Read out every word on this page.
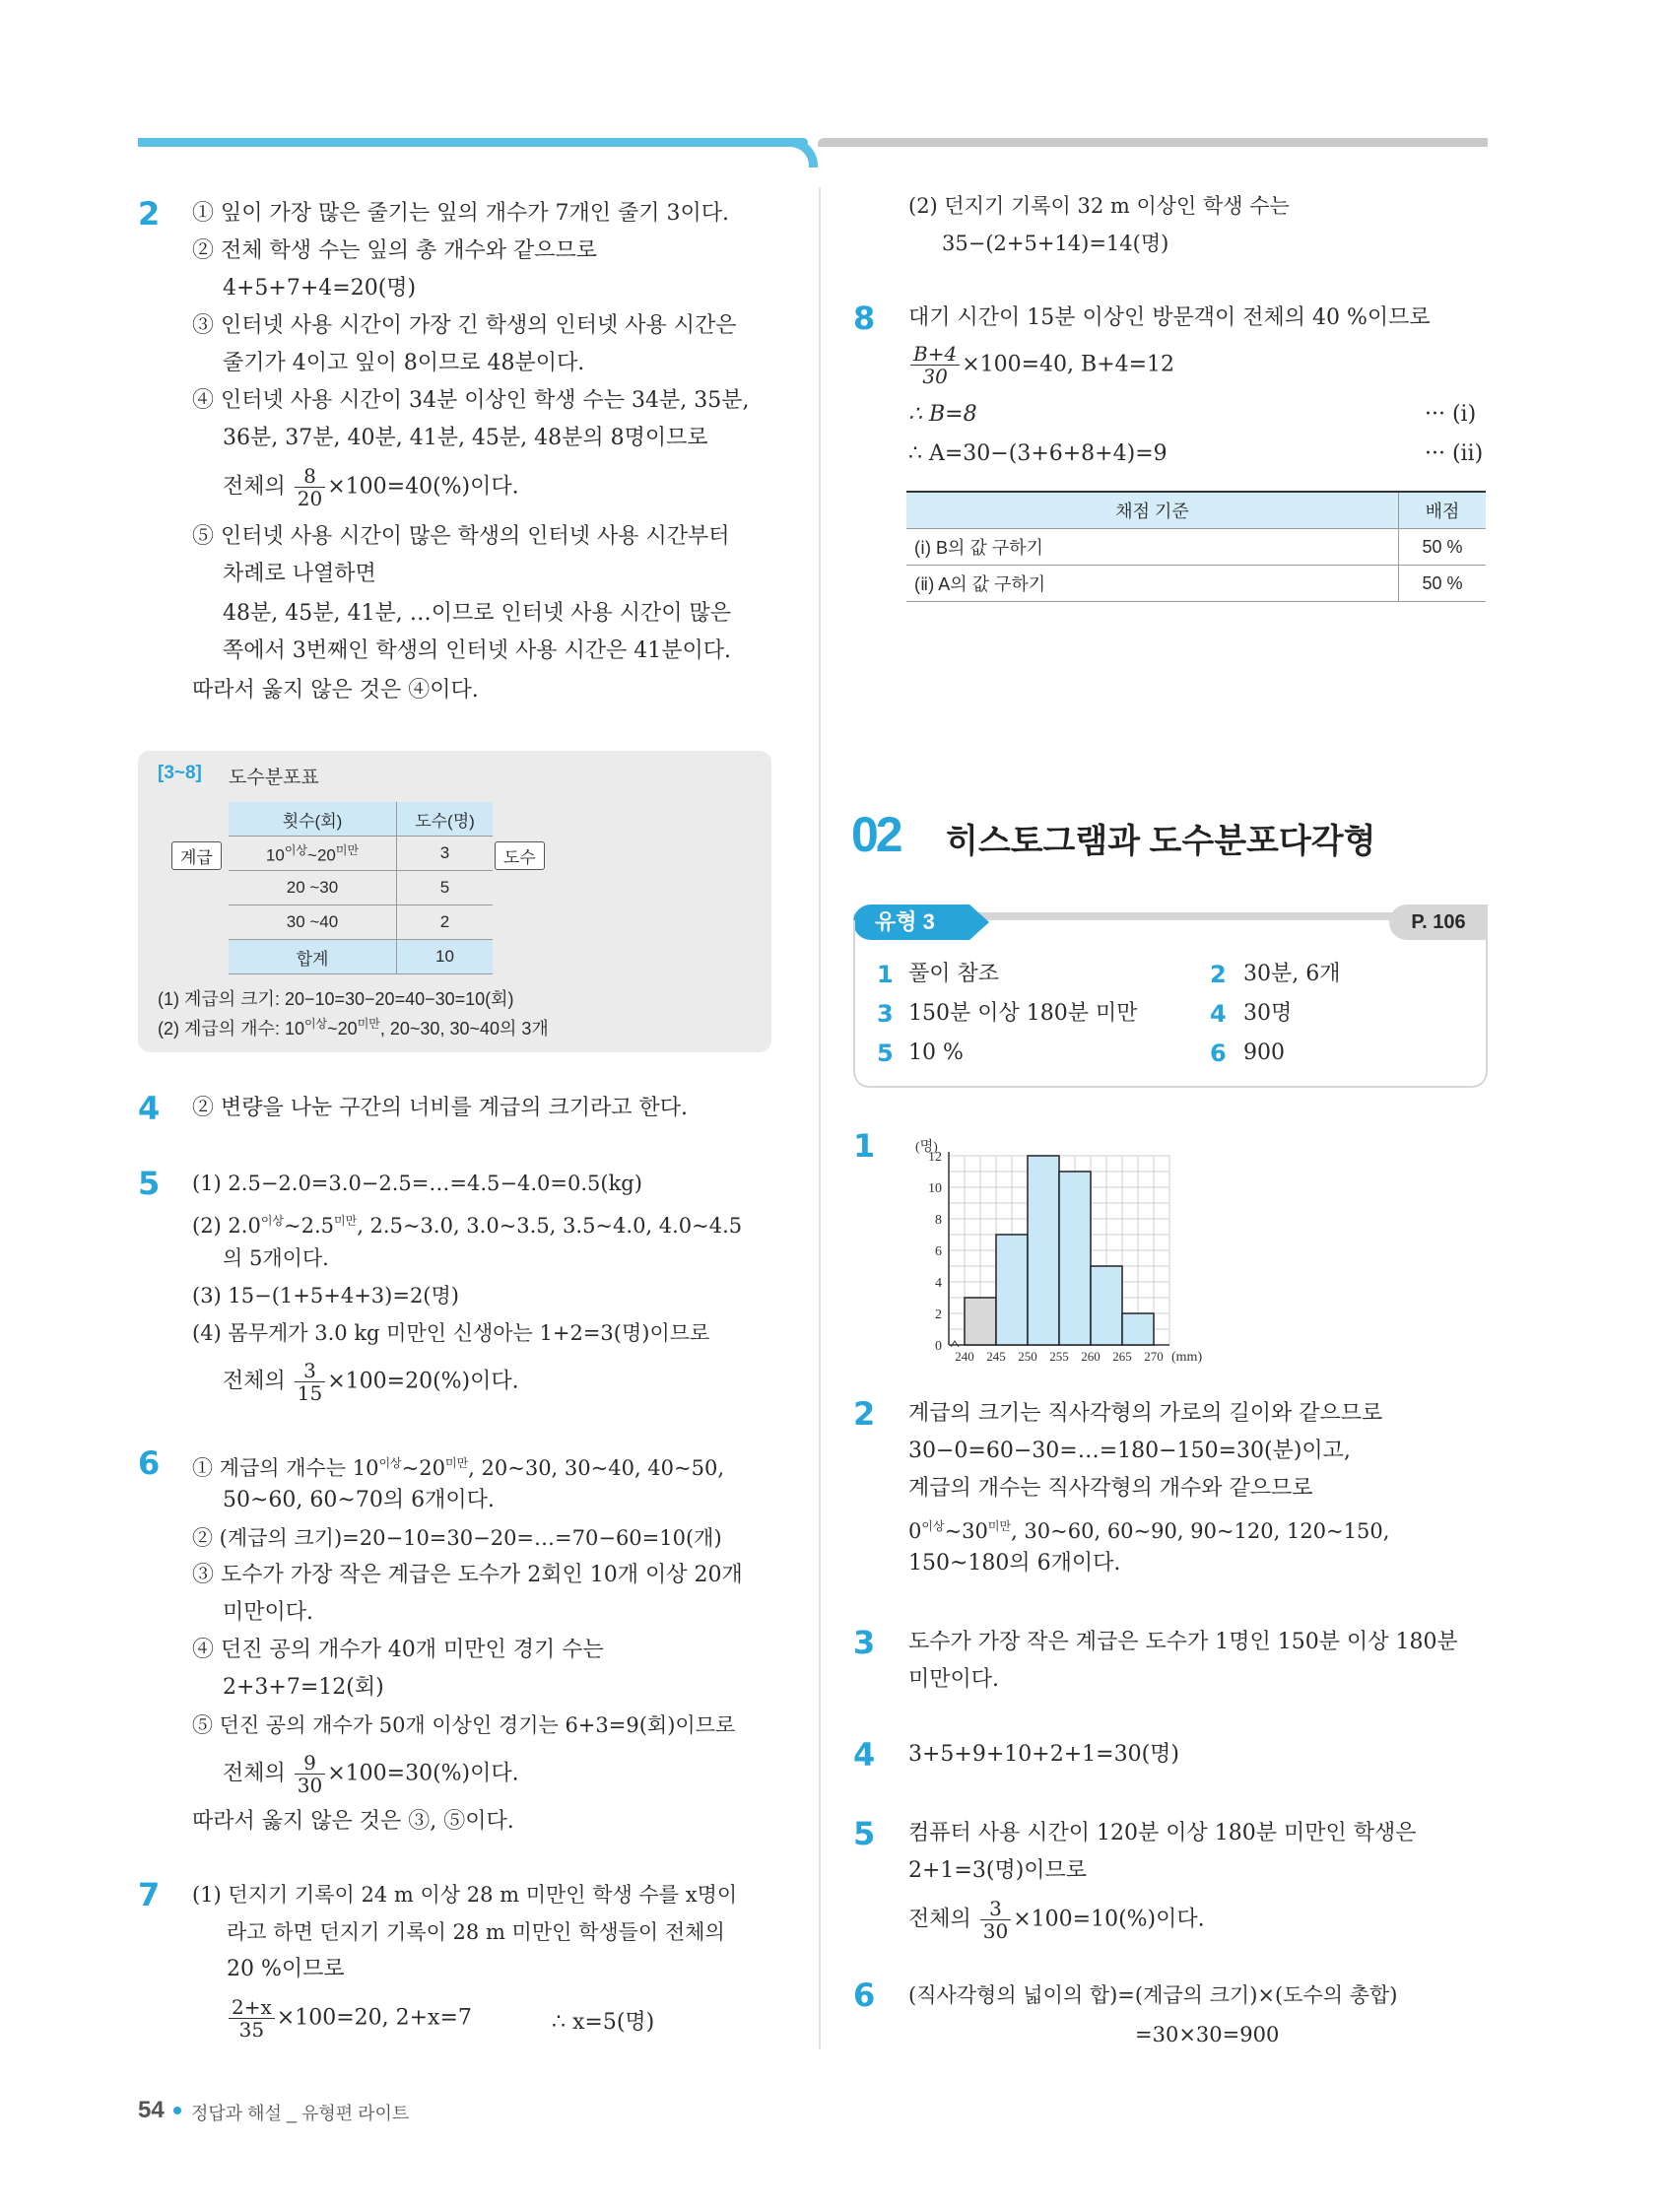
2 ① 잎이 가장 많은 줄기는 잎의 개수가 7개인 줄기 3이다.
② 전체 학생 수는 잎의 총 개수와 같으므로
4+5+7+4=20(명)
③ 인터넷 사용 시간이 가장 긴 학생의 인터넷 사용 시간은
줄기가 4이고 잎이 8이므로 48분이다.
④ 인터넷 사용 시간이 34분 이상인 학생 수는 34분, 35분,
36분, 37분, 40분, 41분, 45분, 48분의 8명이므로
전체의 $\frac{8}{20} \times 100=40(\%)$이다.
⑤ 인터넷 사용 시간이 많은 학생의 인터넷 사용 시간부터
차례로 나열하면
48분, 45분, 41분, …이므로 인터넷 사용 시간이 많은
쪽에서 3번째인 학생의 인터넷 사용 시간은 41분이다.
따라서 옳지 않은 것은 ④이다.
[3~8] 도수분포표
횟수(회)	도수(명)
$10^{이상}\sim 20^{미만}$	3
20 ~30	5
30 ~40	2
합계	10
계급	도수
(1) 계급의 크기: 20−10=30−20=40−30=10(회)
(2) 계급의 개수: $10^{이상}\sim 20^{미만}$, 20~30, 30~40의 3개
4 ② 변량을 나눈 구간의 너비를 계급의 크기라고 한다.
5 (1) 2.5−2.0=3.0−2.5=…=4.5−4.0=0.5(kg)
(2) $2.0^{이상}\sim 2.5^{미만}$, 2.5~3.0, 3.0~3.5, 3.5~4.0, 4.0~4.5
의 5개이다.
(3) 15−(1+5+4+3)=2(명)
(4) 몸무게가 3.0 kg 미만인 신생아는 1+2=3(명)이므로
전체의 $\frac{3}{15} \times 100=20(\%)$이다.
6 ① 계급의 개수는 $10^{이상}\sim 20^{미만}$, 20~30, 30~40, 40~50,
50~60, 60~70의 6개이다.
② (계급의 크기)=20−10=30−20=…=70−60=10(개)
③ 도수가 가장 작은 계급은 도수가 2회인 10개 이상 20개
미만이다.
④ 던진 공의 개수가 40개 미만인 경기 수는
2+3+7=12(회)
⑤ 던진 공의 개수가 50개 이상인 경기는 6+3=9(회)이므로
전체의 $\frac{9}{30} \times 100=30(\%)$이다.
따라서 옳지 않은 것은 ③, ⑤이다.
7 (1) 던지기 기록이 24 m 이상 28 m 미만인 학생 수를 x명이
라고 하면 던지기 기록이 28 m 미만인 학생들이 전체의
20 %이므로
$\frac{2+x}{35} \times 100=20$, 2+x=7	∴ x=5(명)
54 정답과 해설 _ 유형편 라이트
(2) 던지기 기록이 32 m 이상인 학생 수는
35−(2+5+14)=14(명)
8 대기 시간이 15분 이상인 방문객이 전체의 40 %이므로
$\frac{B+4}{30} \times 100=40$, B+4=12
∴ B=8	··· (ⅰ)
∴ A=30−(3+6+8+4)=9	··· (ⅱ)
채점 기준	배점
(ⅰ) B의 값 구하기	50 %
(ⅱ) A의 값 구하기	50 %
02 히스토그램과 도수분포다각형
유형 3	P. 106
1 풀이 참조	2 30분, 6개
3 150분 이상 180분 미만	4 30명
5 10 %	6 900
1
0
2
4
6
8
10
12
240 245 250 255 260 265 270 (mm)
(명)
2 계급의 크기는 직사각형의 가로의 길이와 같으므로
30−0=60−30=…=180−150=30(분)이고,
계급의 개수는 직사각형의 개수와 같으므로
$0^{이상}\sim 30^{미만}$, 30~60, 60~90, 90~120, 120~150,
150~180의 6개이다.
3 도수가 가장 작은 계급은 도수가 1명인 150분 이상 180분
미만이다.
4 3+5+9+10+2+1=30(명)
5 컴퓨터 사용 시간이 120분 이상 180분 미만인 학생은
2+1=3(명)이므로
전체의 $\frac{3}{30} \times 100=10(\%)$이다.
6 (직사각형의 넓이의 합)=(계급의 크기)×(도수의 총합)
=30×30=900
